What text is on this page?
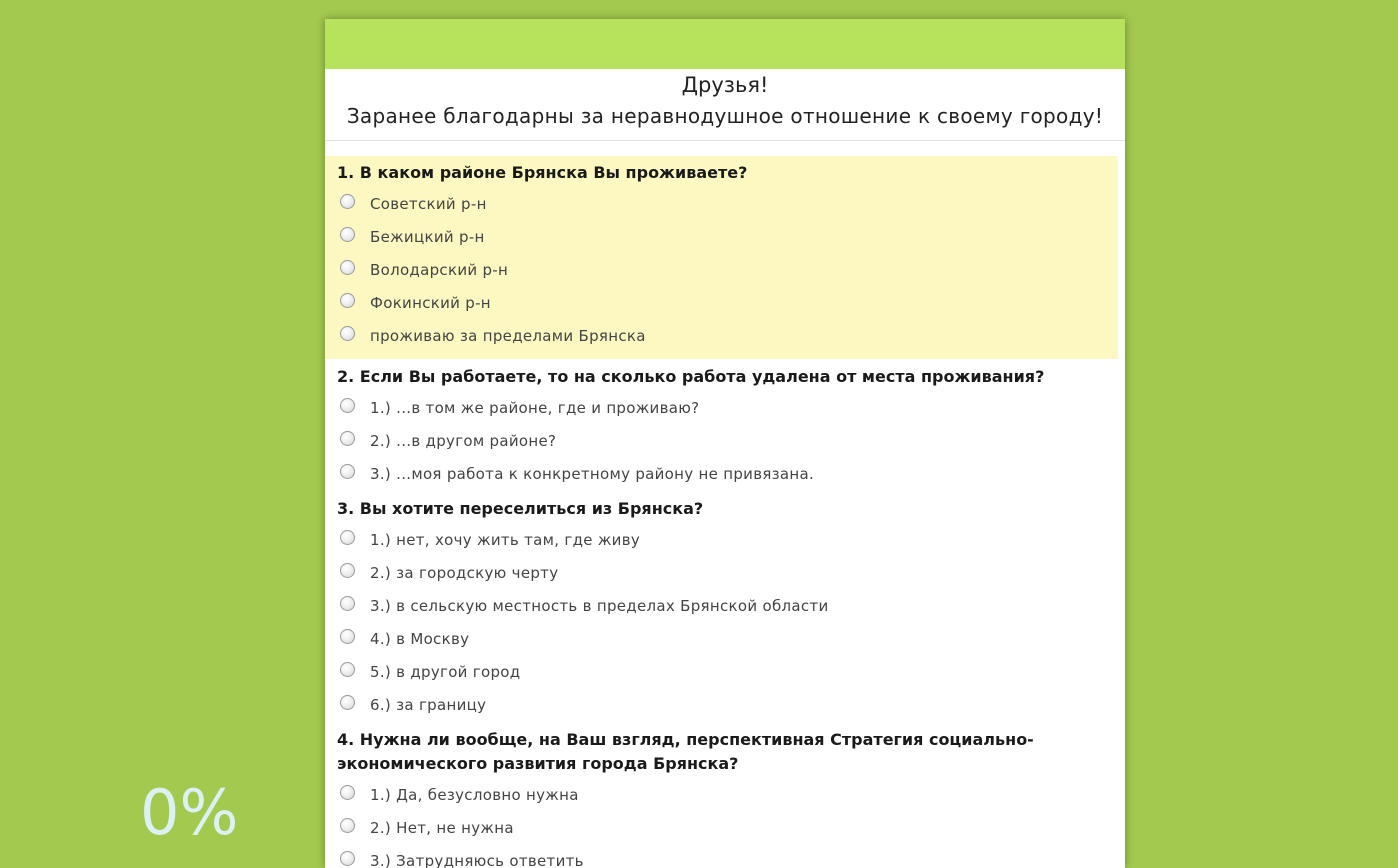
Друзья!
Заранее благодарны за неравнодушное отношение к своему городу!
1. В каком районе Брянска Вы проживаете?
Советский р-н
Бежицкий р-н
Володарский р-н
Фокинский р-н
проживаю за пределами Брянска
2. Если Вы работаете, то на сколько работа удалена от места проживания?
1.) ...в том же районе, где и проживаю?
2.) ...в другом районе?
3.) ...моя работа к конкретному району не привязана.
3. Вы хотите переселиться из Брянска?
1.) нет, хочу жить там, где живу
2.) за городскую черту
3.) в сельскую местность в пределах Брянской области
4.) в Москву
5.) в другой город
6.) за границу
4. Нужна ли вообще, на Ваш взгляд, перспективная Стратегия социально-экономического развития города Брянска?
1.) Да, безусловно нужна
2.) Нет, не нужна
3.) Затрудняюсь ответить
0%
